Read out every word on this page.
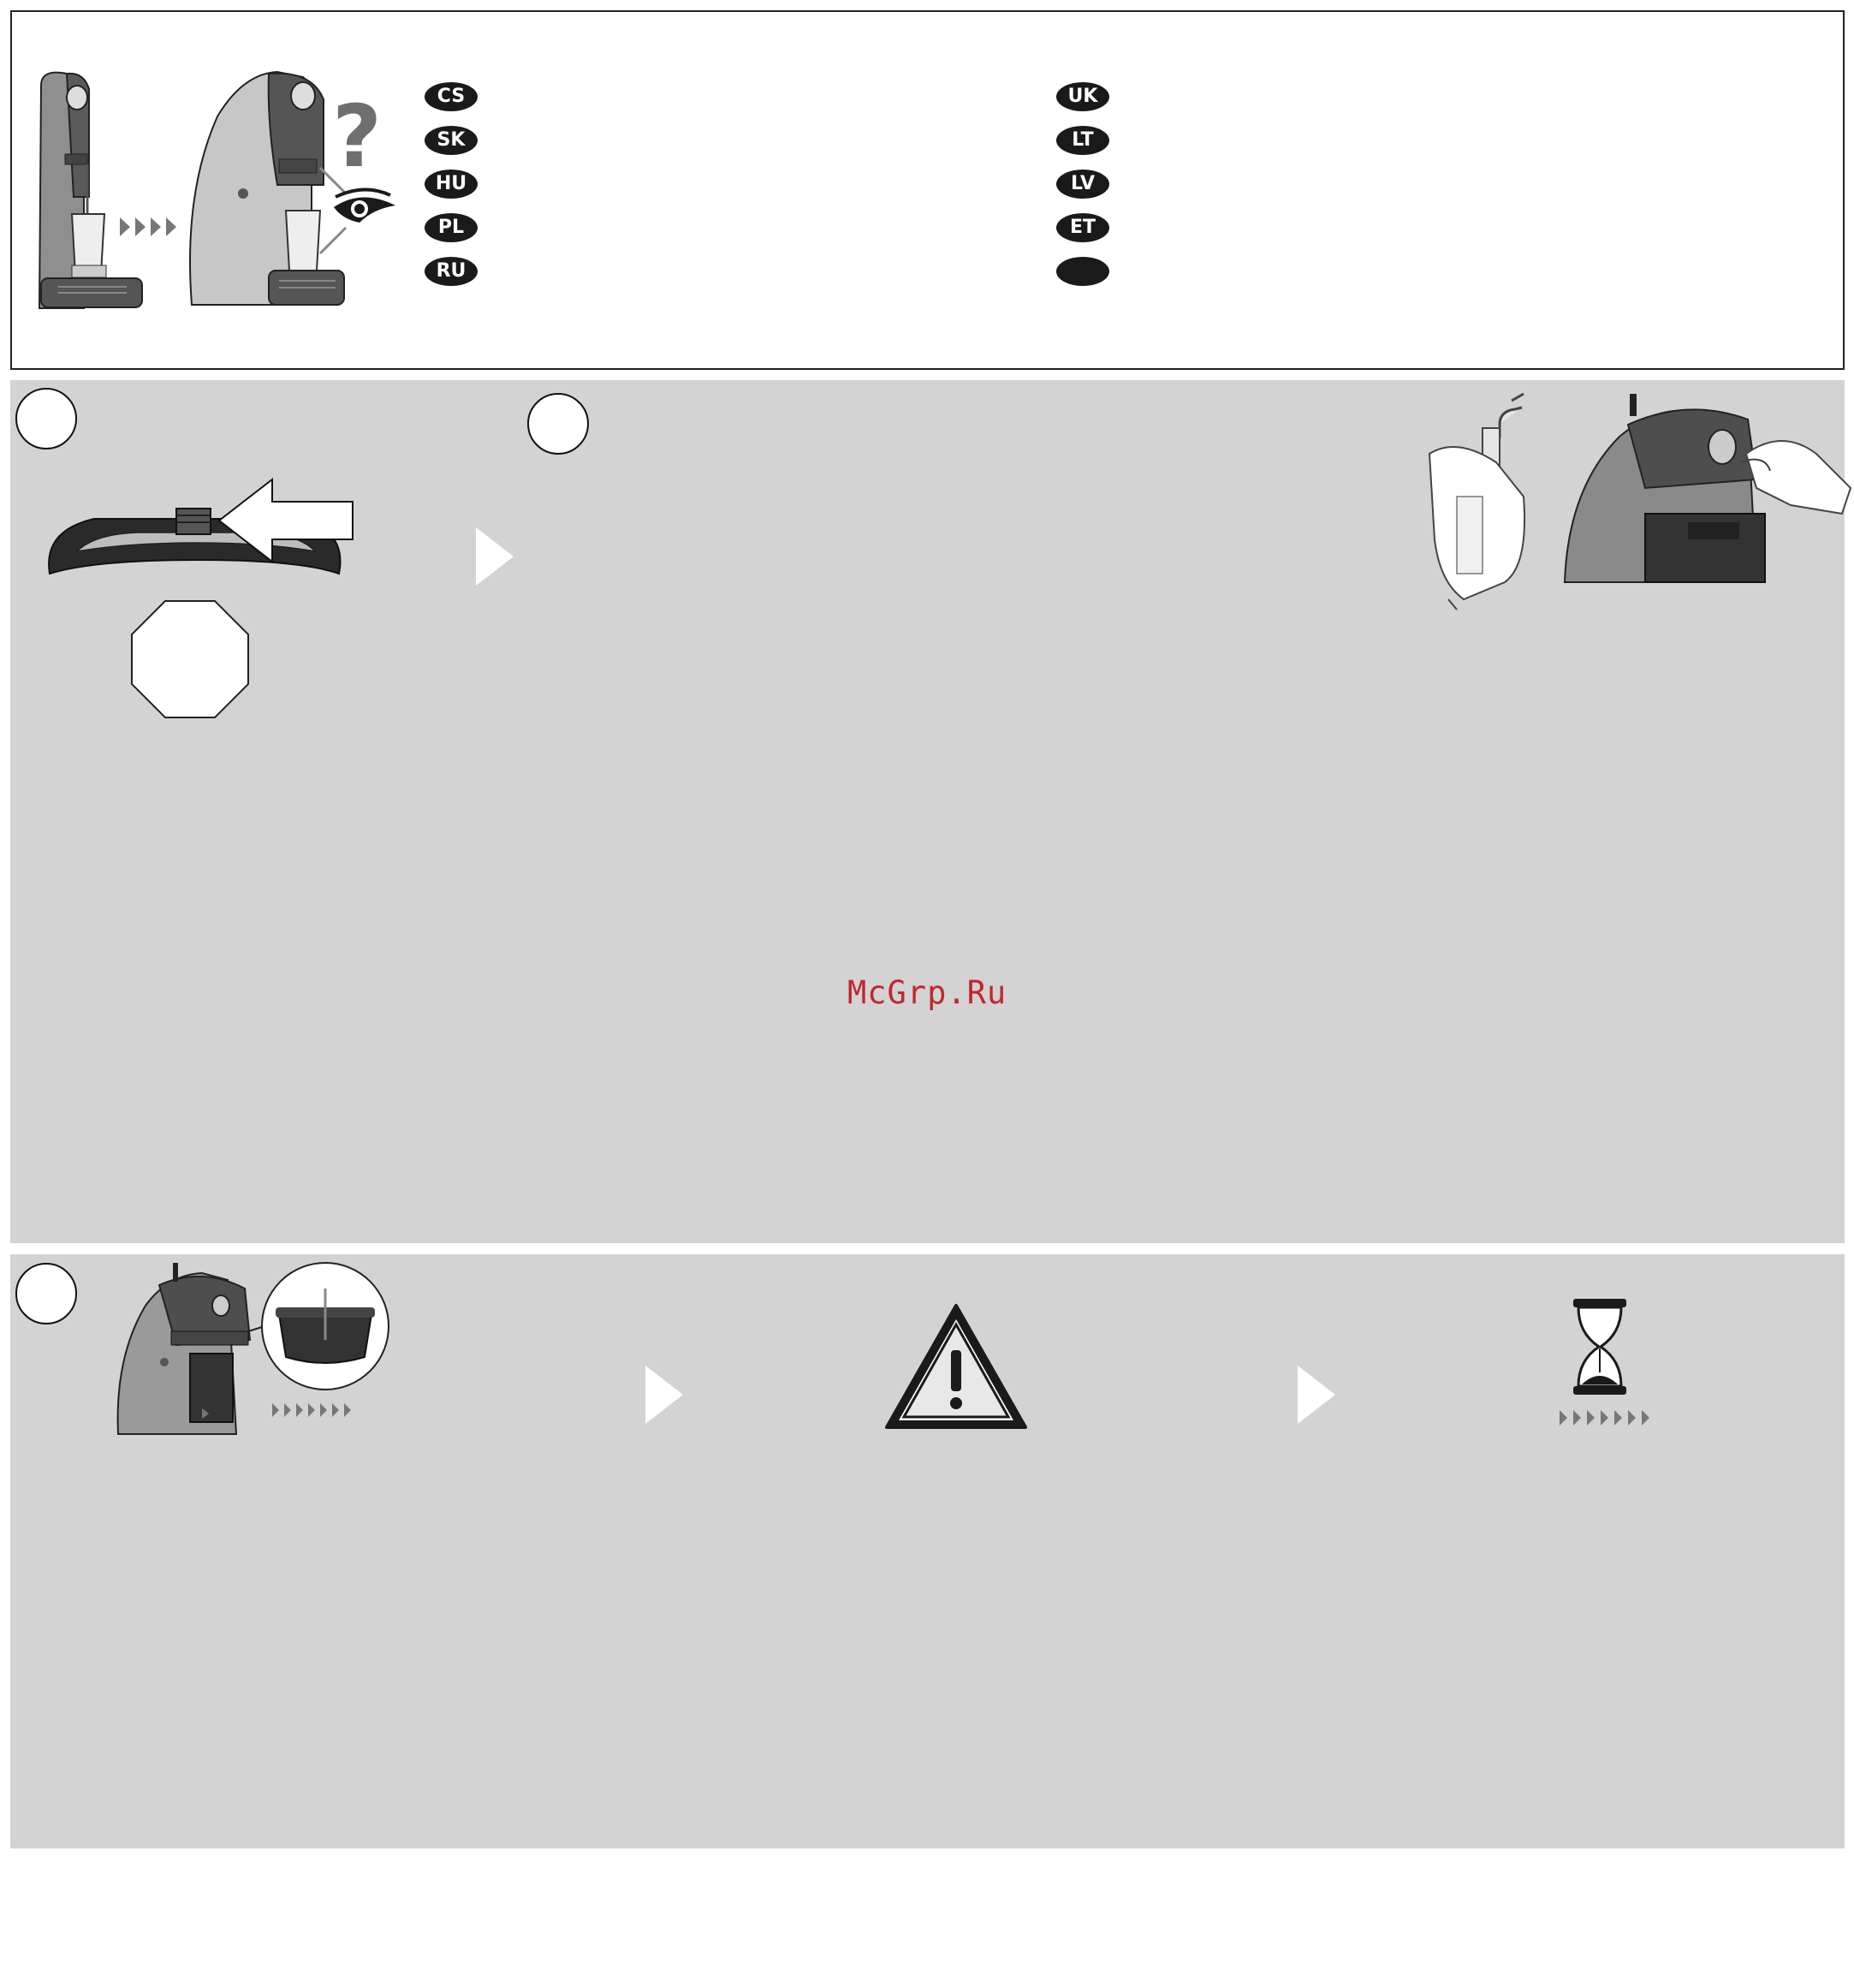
?	CS
SK
HU
PL
RU
UK
LT
LV
ET
McGrp.Ru
